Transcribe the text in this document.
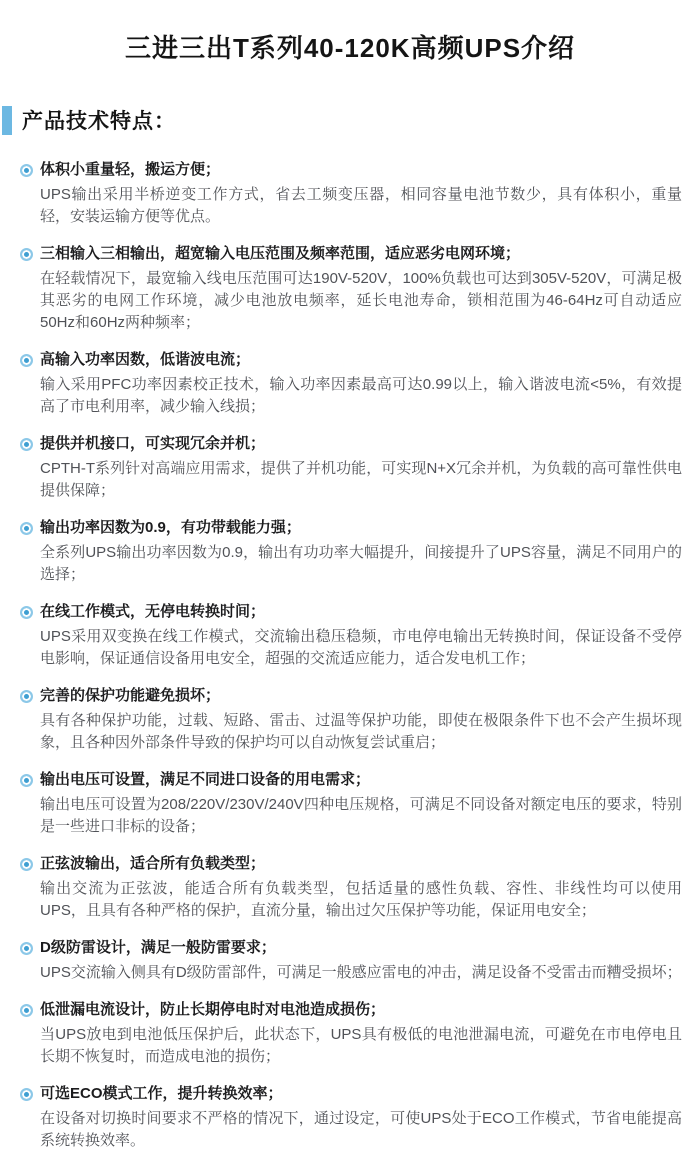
三进三出T系列40-120K高频UPS介绍
产品技术特点：
体积小重量轻，搬运方便；
UPS输出采用半桥逆变工作方式，省去工频变压器，相同容量电池节数少，具有体积小，重量轻，安装运输方便等优点。
三相输入三相输出，超宽输入电压范围及频率范围，适应恶劣电网环境；
在轻载情况下，最宽输入线电压范围可达190V-520V，100%负载也可达到305V-520V，可满足极其恶劣的电网工作环境，减少电池放电频率，延长电池寿命，锁相范围为46-64Hz可自动适应50Hz和60Hz两种频率；
高输入功率因数，低谐波电流；
输入采用PFC功率因素校正技术，输入功率因素最高可达0.99以上，输入谐波电流<5%，有效提高了市电利用率，减少输入线损；
提供并机接口，可实现冗余并机；
CPTH-T系列针对高端应用需求，提供了并机功能，可实现N+X冗余并机，为负载的高可靠性供电提供保障；
输出功率因数为0.9，有功带载能力强；
全系列UPS输出功率因数为0.9，输出有功功率大幅提升，间接提升了UPS容量，满足不同用户的选择；
在线工作模式，无停电转换时间；
UPS采用双变换在线工作模式，交流输出稳压稳频，市电停电输出无转换时间，保证设备不受停电影响，保证通信设备用电安全，超强的交流适应能力，适合发电机工作；
完善的保护功能避免损坏；
具有各种保护功能，过载、短路、雷击、过温等保护功能，即使在极限条件下也不会产生损坏现象，且各种因外部条件导致的保护均可以自动恢复尝试重启；
输出电压可设置，满足不同进口设备的用电需求；
输出电压可设置为208/220V/230V/240V四种电压规格，可满足不同设备对额定电压的要求，特别是一些进口非标的设备；
正弦波输出，适合所有负载类型；
输出交流为正弦波，能适合所有负载类型，包括适量的感性负载、容性、非线性均可以使用UPS，且具有各种严格的保护，直流分量，输出过欠压保护等功能，保证用电安全；
D级防雷设计，满足一般防雷要求；
UPS交流输入侧具有D级防雷部件，可满足一般感应雷电的冲击，满足设备不受雷击而糟受损坏；
低泄漏电流设计，防止长期停电时对电池造成损伤；
当UPS放电到电池低压保护后，此状态下，UPS具有极低的电池泄漏电流，可避免在市电停电且长期不恢复时，而造成电池的损伤；
可选ECO模式工作，提升转换效率；
在设备对切换时间要求不严格的情况下，通过设定，可使UPS处于ECO工作模式，节省电能提高系统转换效率。
